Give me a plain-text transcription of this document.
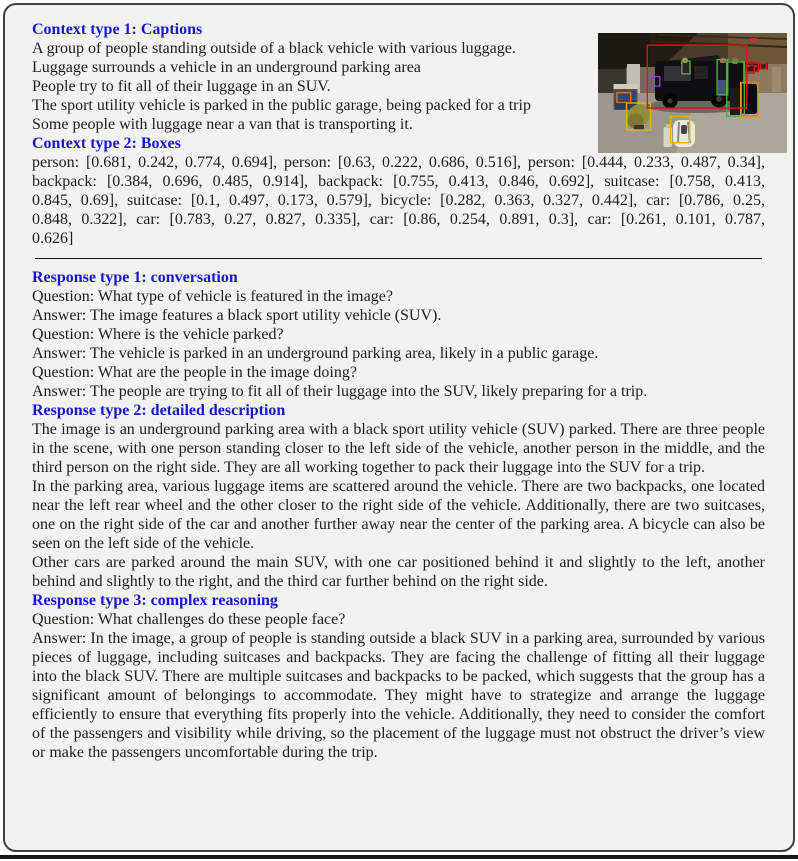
Context type 1: Captions
A group of people standing outside of a black vehicle with various luggage.
Luggage surrounds a vehicle in an underground parking area
People try to fit all of their luggage in an SUV.
The sport utility vehicle is parked in the public garage, being packed for a trip
Some people with luggage near a van that is transporting it.
Context type 2: Boxes
person: [0.681, 0.242, 0.774, 0.694], person: [0.63, 0.222, 0.686, 0.516], person: [0.444, 0.233, 0.487, 0.34], backpack: [0.384, 0.696, 0.485, 0.914], backpack: [0.755, 0.413, 0.846, 0.692], suitcase: [0.758, 0.413, 0.845, 0.69], suitcase: [0.1, 0.497, 0.173, 0.579], bicycle: [0.282, 0.363, 0.327, 0.442], car: [0.786, 0.25, 0.848, 0.322], car: [0.783, 0.27, 0.827, 0.335], car: [0.86, 0.254, 0.891, 0.3], car: [0.261, 0.101, 0.787, 0.626]
Response type 1: conversation
Question: What type of vehicle is featured in the image?
Answer: The image features a black sport utility vehicle (SUV).
Question: Where is the vehicle parked?
Answer: The vehicle is parked in an underground parking area, likely in a public garage.
Question: What are the people in the image doing?
Answer: The people are trying to fit all of their luggage into the SUV, likely preparing for a trip.
Response type 2: detailed description
The image is an underground parking area with a black sport utility vehicle (SUV) parked. There are three people in the scene, with one person standing closer to the left side of the vehicle, another person in the middle, and the third person on the right side. They are all working together to pack their luggage into the SUV for a trip.
In the parking area, various luggage items are scattered around the vehicle. There are two backpacks, one located near the left rear wheel and the other closer to the right side of the vehicle. Additionally, there are two suitcases, one on the right side of the car and another further away near the center of the parking area. A bicycle can also be seen on the left side of the vehicle.
Other cars are parked around the main SUV, with one car positioned behind it and slightly to the left, another behind and slightly to the right, and the third car further behind on the right side.
Response type 3: complex reasoning
Question: What challenges do these people face?
Answer: In the image, a group of people is standing outside a black SUV in a parking area, surrounded by various pieces of luggage, including suitcases and backpacks. They are facing the challenge of fitting all their luggage into the black SUV. There are multiple suitcases and backpacks to be packed, which suggests that the group has a significant amount of belongings to accommodate. They might have to strategize and arrange the luggage efficiently to ensure that everything fits properly into the vehicle. Additionally, they need to consider the comfort of the passengers and visibility while driving, so the placement of the luggage must not obstruct the driver’s view or make the passengers uncomfortable during the trip.
